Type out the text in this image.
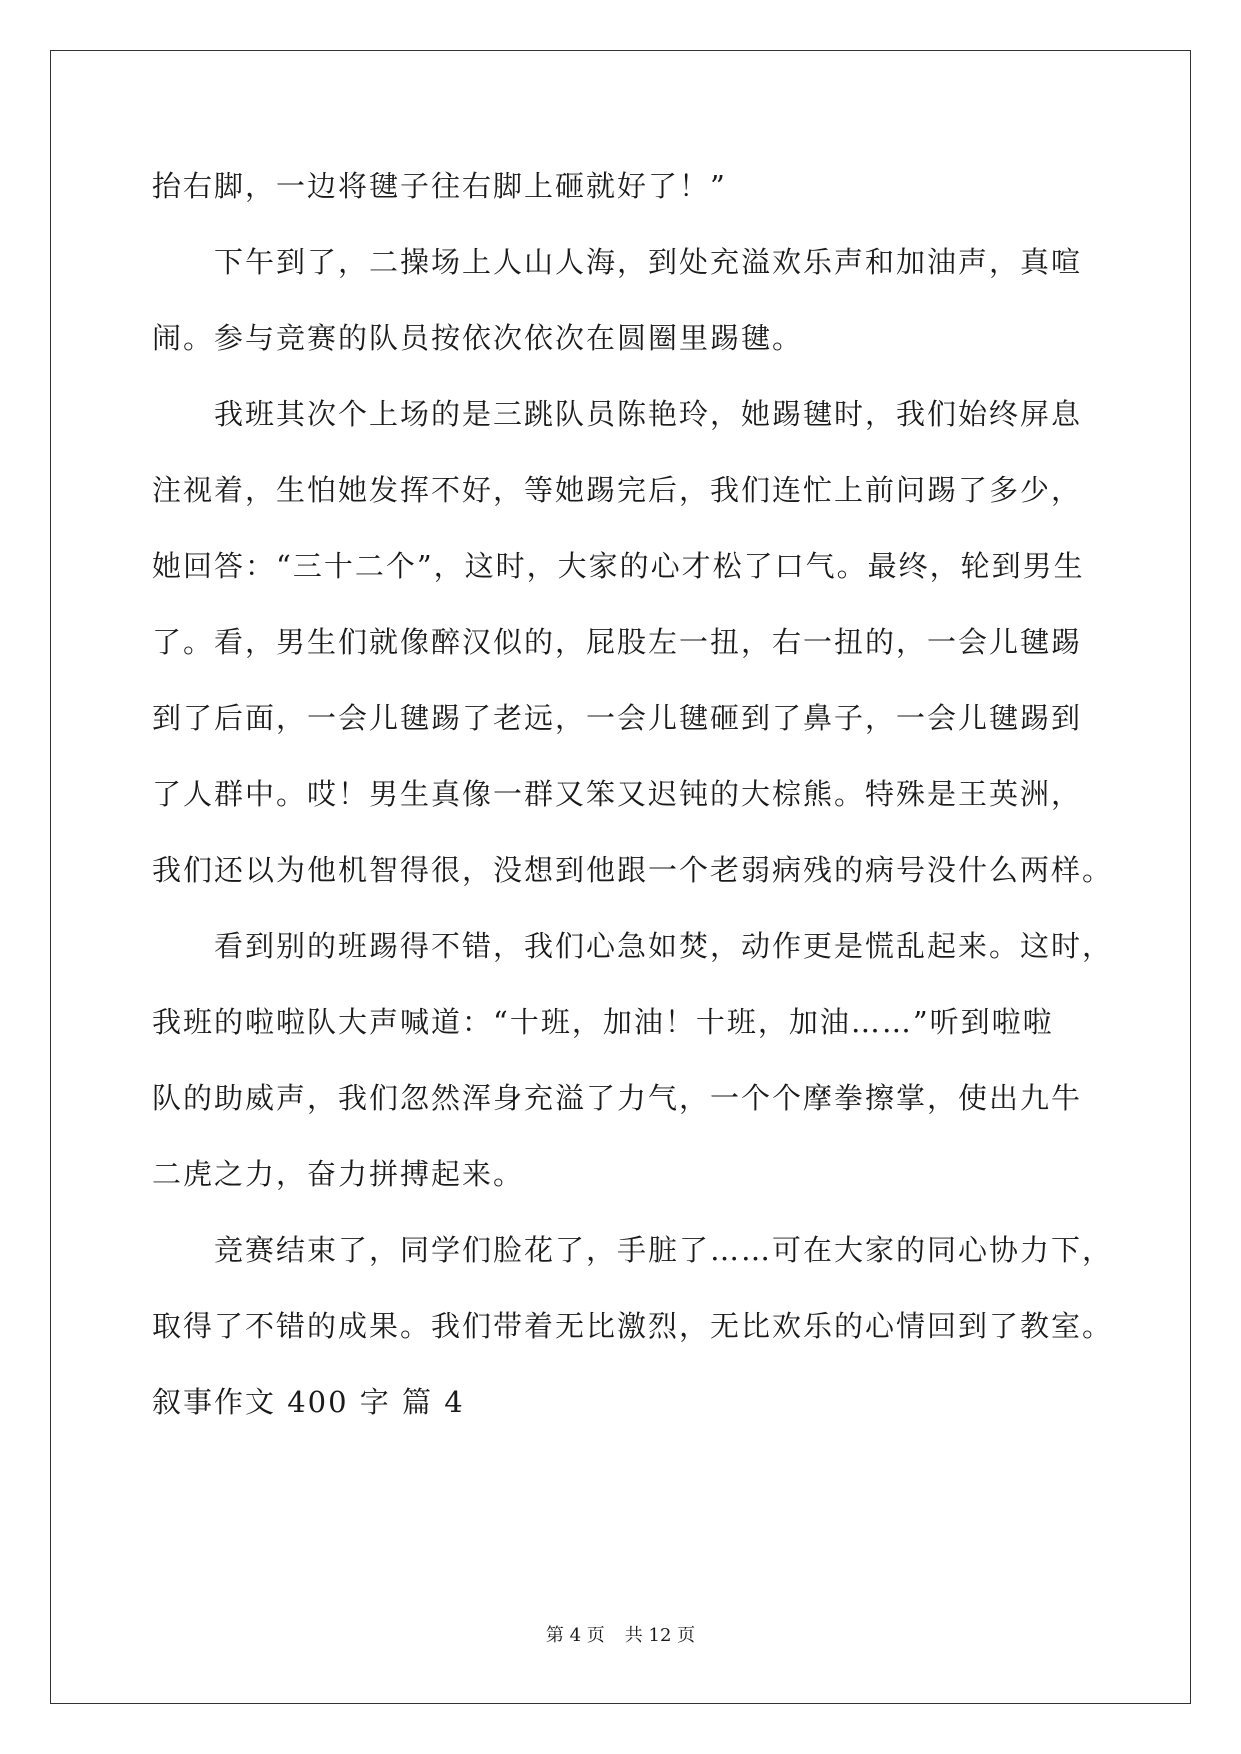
抬右脚，一边将毽子往右脚上砸就好了！”
　　下午到了，二操场上人山人海，到处充溢欢乐声和加油声，真喧
闹。参与竞赛的队员按依次依次在圆圈里踢毽。
　　我班其次个上场的是三跳队员陈艳玲，她踢毽时，我们始终屏息
注视着，生怕她发挥不好，等她踢完后，我们连忙上前问踢了多少，
她回答：“三十二个”，这时，大家的心才松了口气。最终，轮到男生
了。看，男生们就像醉汉似的，屁股左一扭，右一扭的，一会儿毽踢
到了后面，一会儿毽踢了老远，一会儿毽砸到了鼻子，一会儿毽踢到
了人群中。哎！男生真像一群又笨又迟钝的大棕熊。特殊是王英洲，
我们还以为他机智得很，没想到他跟一个老弱病残的病号没什么两样。
　　看到别的班踢得不错，我们心急如焚，动作更是慌乱起来。这时，
我班的啦啦队大声喊道：“十班，加油！十班，加油……”听到啦啦
队的助威声，我们忽然浑身充溢了力气，一个个摩拳擦掌，使出九牛
二虎之力，奋力拼搏起来。
　　竞赛结束了，同学们脸花了，手脏了……可在大家的同心协力下，
取得了不错的成果。我们带着无比激烈，无比欢乐的心情回到了教室。
叙事作文 400 字 篇 4
第 4 页 共 12 页
